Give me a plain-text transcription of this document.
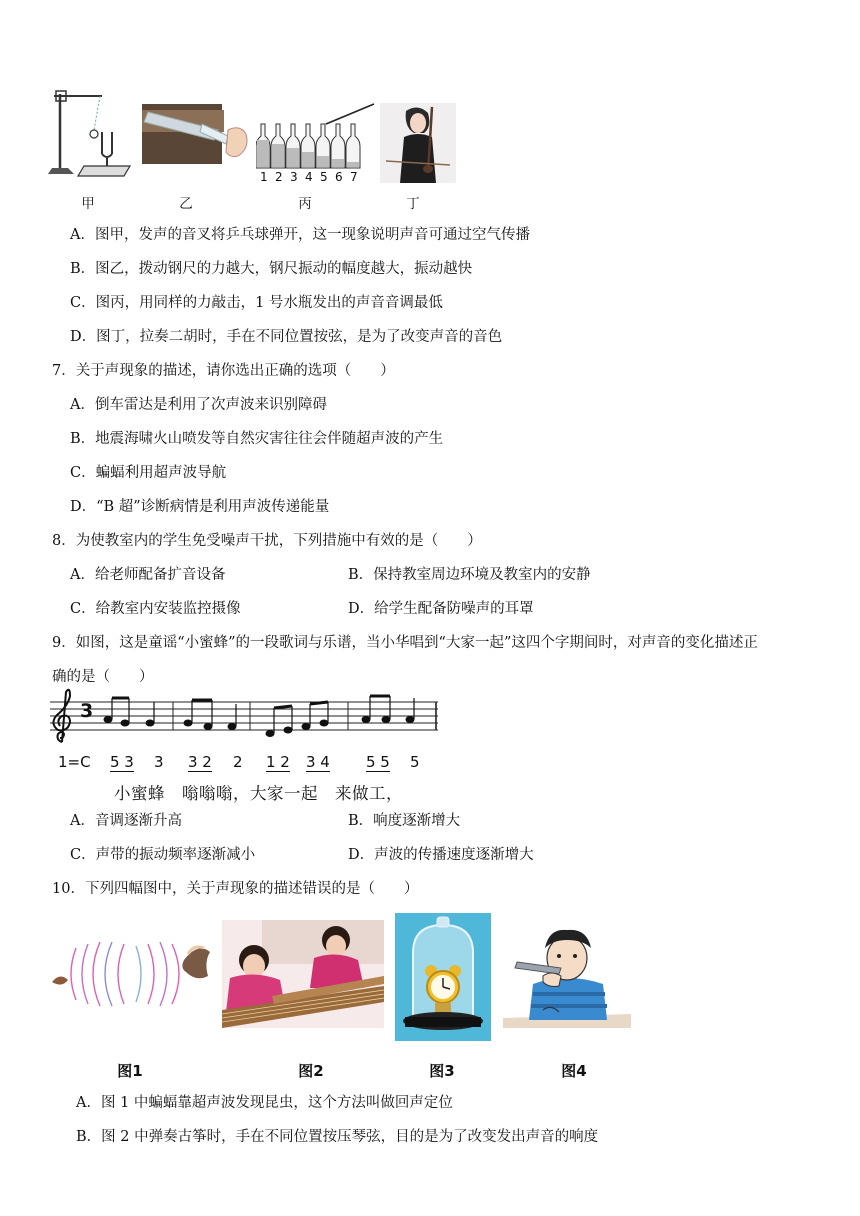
1 2 3 4 5 6 7
甲	乙	丙	丁
A．图甲，发声的音叉将乒乓球弹开，这一现象说明声音可通过空气传播
B．图乙，拨动钢尺的力越大，钢尺振动的幅度越大，振动越快
C．图丙，用同样的力敲击，1 号水瓶发出的声音音调最低
D．图丁，拉奏二胡时，手在不同位置按弦，是为了改变声音的音色
7．关于声现象的描述，请你选出正确的选项（　　）
A．倒车雷达是利用了次声波来识别障碍
B．地震海啸火山喷发等自然灾害往往会伴随超声波的产生
C．蝙蝠利用超声波导航
D．“B 超”诊断病情是利用声波传递能量
8．为使教室内的学生免受噪声干扰，下列措施中有效的是（　　）
A．给老师配备扩音设备	B．保持教室周边环境及教室内的安静
C．给教室内安装监控摄像	D．给学生配备防噪声的耳罩
9．如图，这是童谣“小蜜蜂”的一段歌词与乐谱，当小华唱到“大家一起”这四个字期间时，对声音的变化描述正
确的是（　　）
3
1=C 5 3 3 3 2 2 1 2 3 4 5 5 5
小蜜蜂　嗡嗡嗡，大家一起　来做工，
A．音调逐渐升高	B．响度逐渐增大
C．声带的振动频率逐渐减小	D．声波的传播速度逐渐增大
10．下列四幅图中，关于声现象的描述错误的是（　　）
图1	图2	图3	图4
A．图 1 中蝙蝠靠超声波发现昆虫，这个方法叫做回声定位
B．图 2 中弹奏古筝时，手在不同位置按压琴弦，目的是为了改变发出声音的响度
